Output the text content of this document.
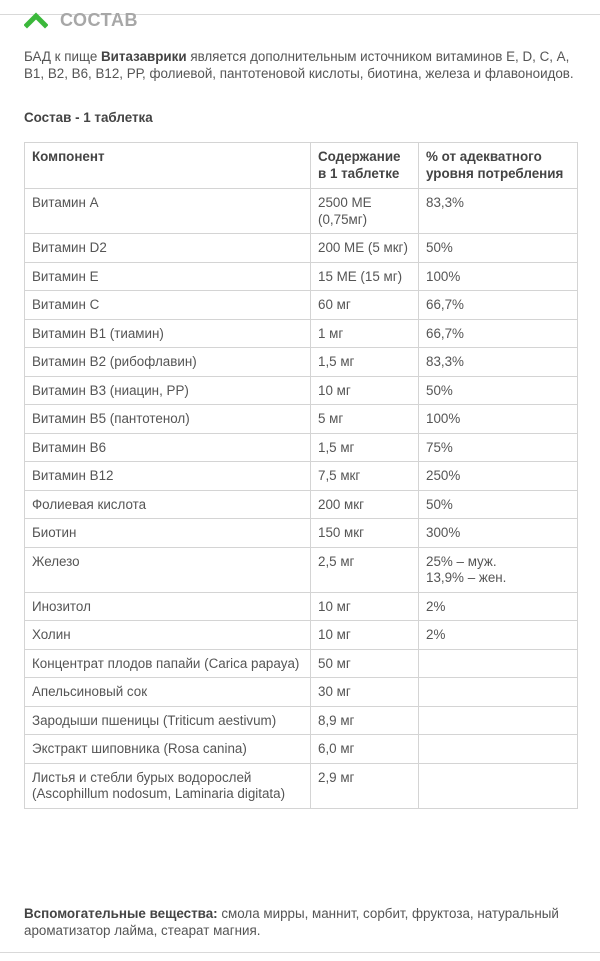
СОСТАВ
БАД к пище Витазаврики является дополнительным источником витаминов Е, D, С, А, В1, В2, В6, В12, РР, фолиевой, пантотеновой кислоты, биотина, железа и флавоноидов.
Состав - 1 таблетка
Компонент	Содержание в 1 таблетке	% от адекватного уровня потребления
Витамин А	2500 МЕ (0,75мг)	83,3%
Витамин D2	200 МЕ (5 мкг)	50%
Витамин Е	15 МЕ (15 мг)	100%
Витамин С	60 мг	66,7%
Витамин В1 (тиамин)	1 мг	66,7%
Витамин В2 (рибофлавин)	1,5 мг	83,3%
Витамин В3 (ниацин, РР)	10 мг	50%
Витамин В5 (пантотенол)	5 мг	100%
Витамин В6	1,5 мг	75%
Витамин В12	7,5 мкг	250%
Фолиевая кислота	200 мкг	50%
Биотин	150 мкг	300%
Железо	2,5 мг	25% – муж.
13,9% – жен.
Инозитол	10 мг	2%
Холин	10 мг	2%
Концентрат плодов папайи (Carica papaya)	50 мг	
Апельсиновый сок	30 мг	
Зародыши пшеницы (Triticum aestivum)	8,9 мг	
Экстракт шиповника (Rosa canina)	6,0 мг	
Листья и стебли бурых водорослей (Ascophillum nodosum, Laminaria digitata)	2,9 мг	
Вспомогательные вещества: смола мирры, маннит, сорбит, фруктоза, натуральный ароматизатор лайма, стеарат магния.
